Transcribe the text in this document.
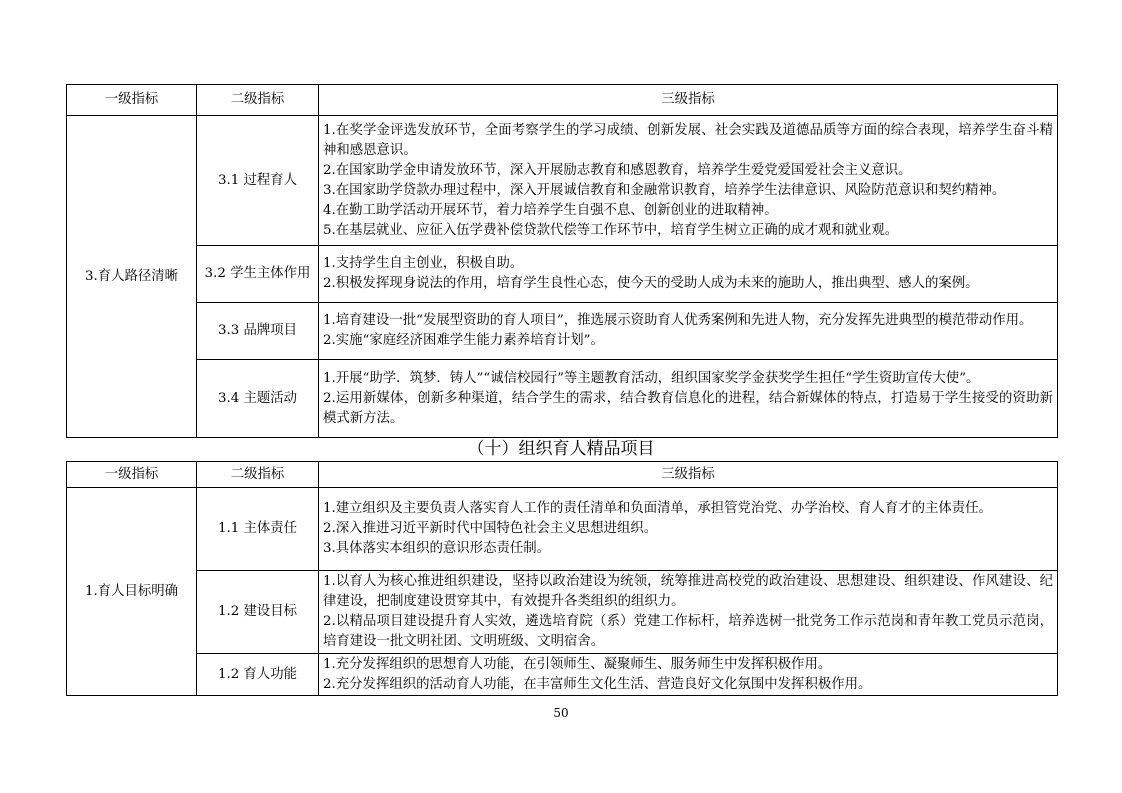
一级指标	二级指标	三级指标
3.育人路径清晰	3.1 过程育人	1.在奖学金评选发放环节，全面考察学生的学习成绩、创新发展、社会实践及道德品质等方面的综合表现，培养学生奋斗精神和感恩意识。
2.在国家助学金申请发放环节，深入开展励志教育和感恩教育，培养学生爱党爱国爱社会主义意识。
3.在国家助学贷款办理过程中，深入开展诚信教育和金融常识教育，培养学生法律意识、风险防范意识和契约精神。
4.在勤工助学活动开展环节，着力培养学生自强不息、创新创业的进取精神。
5.在基层就业、应征入伍学费补偿贷款代偿等工作环节中，培育学生树立正确的成才观和就业观。

	3.2 学生主体作用	1.支持学生自主创业，积极自助。
2.积极发挥现身说法的作用，培育学生良性心态，使今天的受助人成为未来的施助人，推出典型、感人的案例。

	3.3 品牌项目	1.培育建设一批“发展型资助的育人项目”，推选展示资助育人优秀案例和先进人物，充分发挥先进典型的模范带动作用。
2.实施“家庭经济困难学生能力素养培育计划”。

	3.4 主题活动	1.开展“助学．筑梦．铸人”“诚信校园行”等主题教育活动，组织国家奖学金获奖学生担任“学生资助宣传大使”。
2.运用新媒体，创新多种渠道，结合学生的需求，结合教育信息化的进程，结合新媒体的特点，打造易于学生接受的资助新模式新方法。
（十）组织育人精品项目
一级指标	二级指标	三级指标
1.育人目标明确	1.1 主体责任	1.建立组织及主要负责人落实育人工作的责任清单和负面清单，承担管党治党、办学治校、育人育才的主体责任。
2.深入推进习近平新时代中国特色社会主义思想进组织。
3.具体落实本组织的意识形态责任制。

	1.2 建设目标	1.以育人为核心推进组织建设，坚持以政治建设为统领，统筹推进高校党的政治建设、思想建设、组织建设、作风建设、纪律建设，把制度建设贯穿其中，有效提升各类组织的组织力。
2.以精品项目建设提升育人实效，遴选培育院（系）党建工作标杆，培养选树一批党务工作示范岗和青年教工党员示范岗，培育建设一批文明社团、文明班级、文明宿舍。

	1.2 育人功能	1.充分发挥组织的思想育人功能，在引领师生、凝聚师生、服务师生中发挥积极作用。
2.充分发挥组织的活动育人功能，在丰富师生文化生活、营造良好文化氛围中发挥积极作用。
50
